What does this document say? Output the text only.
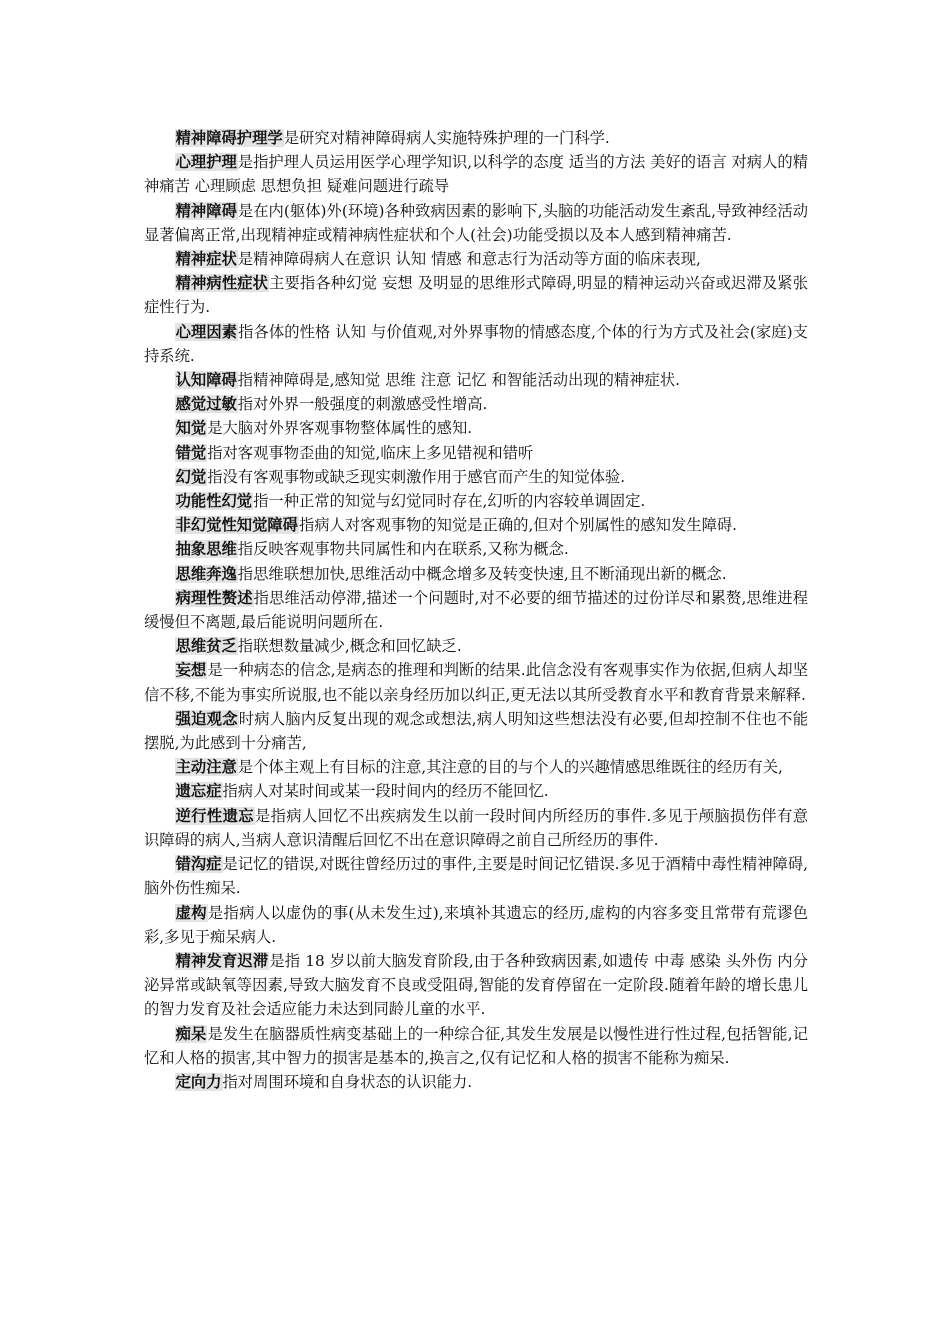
精神障碍护理学是研究对精神障碍病人实施特殊护理的一门科学.

心理护理是指护理人员运用医学心理学知识,以科学的态度 适当的方法 美好的语言 对病人的精神痛苦 心理顾虑 思想负担 疑难问题进行疏导

精神障碍是在内(躯体)外(环境)各种致病因素的影响下,头脑的功能活动发生紊乱,导致神经活动显著偏离正常,出现精神症或精神病性症状和个人(社会)功能受损以及本人感到精神痛苦.

精神症状是精神障碍病人在意识 认知 情感 和意志行为活动等方面的临床表现,

精神病性症状主要指各种幻觉 妄想 及明显的思维形式障碍,明显的精神运动兴奋或迟滞及紧张症性行为.

心理因素指各体的性格 认知 与价值观,对外界事物的情感态度,个体的行为方式及社会(家庭)支持系统.

认知障碍指精神障碍是,感知觉 思维 注意 记忆 和智能活动出现的精神症状.

感觉过敏指对外界一般强度的刺激感受性增高.

知觉是大脑对外界客观事物整体属性的感知.

错觉指对客观事物歪曲的知觉,临床上多见错视和错听

幻觉指没有客观事物或缺乏现实刺激作用于感官而产生的知觉体验.

功能性幻觉指一种正常的知觉与幻觉同时存在,幻听的内容较单调固定.

非幻觉性知觉障碍指病人对客观事物的知觉是正确的,但对个别属性的感知发生障碍.

抽象思维指反映客观事物共同属性和内在联系,又称为概念.

思维奔逸指思维联想加快,思维活动中概念增多及转变快速,且不断涌现出新的概念.

病理性赘述指思维活动停滞,描述一个问题时,对不必要的细节描述的过份详尽和累赘,思维进程缓慢但不离题,最后能说明问题所在.

思维贫乏指联想数量减少,概念和回忆缺乏.

妄想是一种病态的信念,是病态的推理和判断的结果.此信念没有客观事实作为依据,但病人却坚信不移,不能为事实所说服,也不能以亲身经历加以纠正,更无法以其所受教育水平和教育背景来解释.

强迫观念时病人脑内反复出现的观念或想法,病人明知这些想法没有必要,但却控制不住也不能摆脱,为此感到十分痛苦,

主动注意是个体主观上有目标的注意,其注意的目的与个人的兴趣情感思维既往的经历有关,

遗忘症指病人对某时间或某一段时间内的经历不能回忆.

逆行性遗忘是指病人回忆不出疾病发生以前一段时间内所经历的事件.多见于颅脑损伤伴有意识障碍的病人,当病人意识清醒后回忆不出在意识障碍之前自己所经历的事件.

错沟症是记忆的错误,对既往曾经历过的事件,主要是时间记忆错误.多见于酒精中毒性精神障碍,脑外伤性痴呆.

虚构是指病人以虚伪的事(从未发生过),来填补其遗忘的经历,虚构的内容多变且常带有荒谬色彩,多见于痴呆病人.

精神发育迟滞是指 18 岁以前大脑发育阶段,由于各种致病因素,如遗传 中毒 感染 头外伤 内分泌异常或缺氧等因素,导致大脑发育不良或受阻碍,智能的发育停留在一定阶段.随着年龄的增长患儿的智力发育及社会适应能力未达到同龄儿童的水平.

痴呆是发生在脑器质性病变基础上的一种综合征,其发生发展是以慢性进行性过程,包括智能,记忆和人格的损害,其中智力的损害是基本的,换言之,仅有记忆和人格的损害不能称为痴呆.

定向力指对周围环境和自身状态的认识能力.
